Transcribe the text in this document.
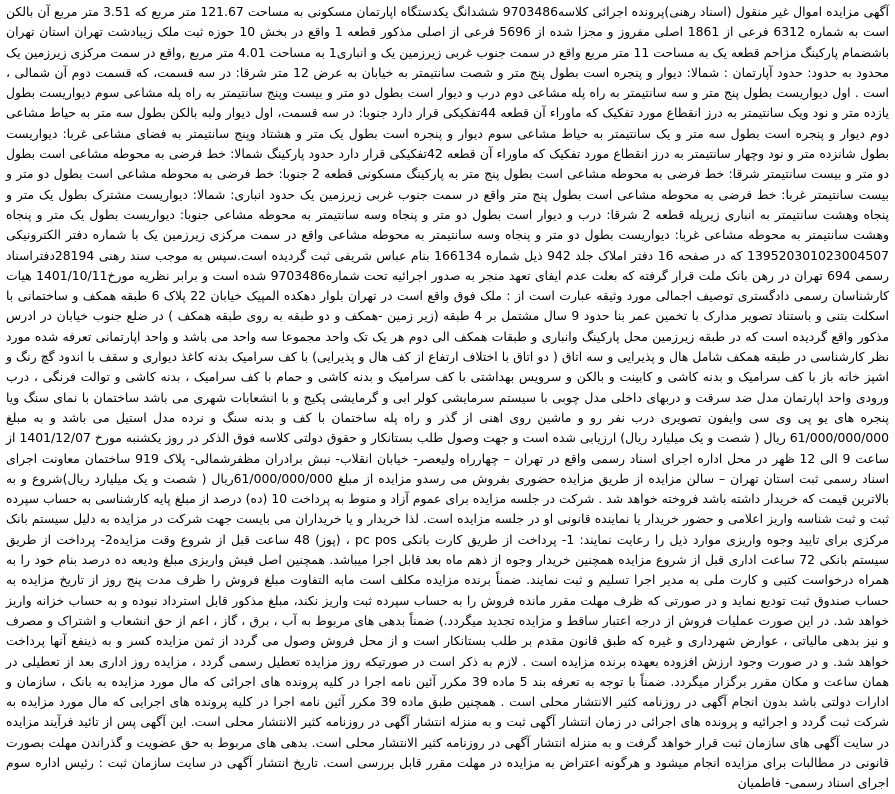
آگهی مزایده اموال غیر منقول (اسناد رهنی)پرونده اجرائی کلاسه9703486 ششدانگ یکدستگاه اپارتمان مسکونی به مساحت 121.67 متر مربع که 3.51 متر مربع آن بالکن است به شماره 6312 فرعی از 1861 اصلی مفروز و مجزا شده از 5696 فرعی از اصلی مذکور قطعه 1 واقع در بخش 10 حوزه ثبت ملک زیبادشت تهران استان تهران باشضمام پارکینگ مزاحم قطعه یک به مساحت 11 متر مربع واقع در سمت جنوب غربی زیرزمین یک و انباری1 به مساحت 4.01 متر مربع ,واقع در سمت مرکزی زیرزمین یک محدود به حدود: حدود آپارتمان : شمالا: دیوار و پنجره است بطول پنج متر و شصت سانتیمتر به خیابان به عرض 12 متر شرقا: در سه قسمت، که قسمت دوم آن شمالی ، است . اول دیواریست بطول پنج متر و سه سانتیمتر به راه پله مشاعی دوم درب و دیوار است بطول دو متر و بیست وپنج سانتیمتر به راه پله مشاعی سوم دیواریست بطول یازده متر و نود ویک سانتیمتر به درز انقطاع مورد تفکیک که ماوراء آن قطعه 44تفکیکی قرار دارد جنوبا: در سه قسمت، اول دیوار ولبه بالکن بطول سه متر به حیاط مشاعی دوم دیوار و پنجره است بطول سه متر و یک سانتیمتر به حیاط مشاعی سوم دیوار و پنجره است بطول یک متر و هشتاد وپنج سانتیمتر به فضای مشاعی غربا: دیواریست بطول شانزده متر و نود وچهار سانتیمتر به درز انقطاع مورد تفکیک که ماوراء آن قطعه 42تفکیکی قرار دارد حدود پارکینگ شمالا: خط فرضی به محوطه مشاعی است بطول دو متر و بیست سانتیمتر شرقا: خط فرضی به محوطه مشاعی است بطول پنج متر به پارکینگ مسکونی قطعه 2 جنوبا: خط فرضی به محوطه مشاعی است بطول دو متر و بیست سانتیمتر غربا: خط فرضی به محوطه مشاعی است بطول پنج متر واقع در سمت جنوب غربی زیرزمین یک حدود انباری: شمالا: دیواریست مشترک بطول یک متر و پنجاه وهشت سانتیمتر به انباری زیرپله قطعه 2 شرقا: درب و دیوار است بطول دو متر و پنجاه وسه سانتیمتر به محوطه مشاعی جنوبا: دیواریست بطول یک متر و پنجاه وهشت سانتیمتر به محوطه مشاعی غربا: دیواریست بطول دو متر و پنجاه وسه سانتیمتر به محوطه مشاعی واقع در سمت مرکزی زیرزمین یک با شماره دفتر الکترونیکی 139520301023004507 که در صفحه 16 دفتر املاک جلد 942 ذیل شماره 166134 بنام عباس شریفی ثبت گردیده است.سپس به موجب سند رهنی 28194دفتراسناد رسمی 694 تهران در رهن بانک ملت قرار گرفته که بعلت عدم ایفای تعهد منجر به صدور اجرائیه تحت شماره9703486 شده است و برابر نظریه مورخ1401/10/11 هیات کارشناسان رسمی دادگستری توصیف اجمالی مورد وثیقه عبارت است از : ملک فوق واقع است در تهران بلوار دهکده المپیک خیابان 22 پلاک 6 طبقه همکف و ساختمانی با اسکلت بتنی و باستناد تصویر مدارک با تخمین عمر بنا حدود 9 سال مشتمل بر 4 طبقه (زیر زمین -همکف و دو طبقه به روی طبقه همکف ) در ضلع جنوب خیابان در ادرس مذکور واقع گردیده است که در طبقه زیرزمین محل پارکینگ وانباری و طبقات همکف الی دوم هر یک تک واحد مجموعا سه واحد می باشد و واحد اپارتمانی تعرفه شده مورد نظر کارشناسی در طبقه همکف شامل هال و پذیرایی و سه اتاق ( دو اتاق با اختلاف ارتفاع از کف هال و پذیرایی) با کف سرامیک بدنه کاغذ دیواری و سقف با اندود گچ رنگ و اشپز خانه باز با کف سرامیک و بدنه کاشی و کابینت و بالکن و سرویس بهداشتی با کف سرامیک و بدنه کاشی و حمام با کف سرامیک ، بدنه کاشی و توالت فرنگی ، درب ورودی واحد اپارتمان مدل ضد سرقت و دربهای داخلی مدل چوبی با سیستم سرمایشی کولر ابی و گرمایشی پکیج و با انشعابات شهری می باشد ساختمان با نمای سنگ ویا پنجره های یو پی وی سی وایفون تصویری درب نفر رو و ماشین روی اهنی از گذر و راه پله ساختمان با کف و بدنه سنگ و نرده مدل استیل می باشد و به مبلغ 61/000/000/000 ریال ( شصت و یک میلیارد ریال) ارزیابی شده است و جهت وصول طلب بستانکار و حقوق دولتی کلاسه فوق الذکر در روز یکشنبه مورخ 1401/12/07 از ساعت 9 الی 12 ظهر در محل اداره اجرای اسناد رسمی واقع در تهران – چهارراه ولیعصر- خیابان انقلاب- نبش برادران مظفرشمالی- پلاک 919 ساختمان معاونت اجرای اسناد رسمی ثبت استان تهران – سالن مزایده از طریق مزایده حضوری بفروش می رسدو مزایده از مبلغ 61/000/000/000ریال ( شصت و یک میلیارد ریال)شروع و به بالاترین قیمت که خریدار داشته باشد فروخته خواهد شد . شرکت در جلسه مزایده برای عموم آزاد و منوط به پرداخت 10 (ده) درصد از مبلغ پایه کارشناسی به حساب سپرده ثبت و ثبت شناسه واریز اعلامی و حضور خریدار یا نماینده قانونی او در جلسه مزایده است. لذا خریدار و یا خریداران می بایست جهت شرکت در مزایده به دلیل سیستم بانک مرکزی برای تایید وجوه واریزی موارد ذیل را رعایت نمایند: 1- پرداخت از طریق کارت بانکی pc pos ، (پوز) 48 ساعت قبل از شروع وقت مزایده2- پرداخت از طریق سیستم بانکی 72 ساعت اداری قبل از شروع مزایده همچنین خریدار وجوه از ذهم ماه بعد قابل اجرا میباشد. همچنین اصل فیش واریزی مبلغ ودیعه ده درصد بنام خود را به همراه درخواست کتبی و کارت ملی به مدیر اجرا تسلیم و ثبت نمایند. ضمناً برنده مزایده مکلف است مابه التفاوت مبلغ فروش را ظرف مدت پنج روز از تاریخ مزایده به حساب صندوق ثبت تودیع نماید و در صورتی که ظرف مهلت مقرر مانده فروش را به حساب سپرده ثبت واریز نکند، مبلغ مذکور قابل استرداد نبوده و به حساب خزانه واریز خواهد شد. در این صورت عملیات فروش از درجه اعتبار ساقط و مزایده تجدید میگردد.) ضمناً بدهی های مربوط به آب ، برق ، گاز ، اعم از حق انشعاب و اشتراک و مصرف و نیز بدهی مالیاتی ، عوارض شهرداری و غیره که طبق قانون مقدم بر طلب بستانکار است و از محل فروش وصول می گردد از ثمن مزایده کسر و به ذینفع آنها پرداخت خواهد شد. و در صورت وجود ارزش افزوده بعهده برنده مزایده است . لازم به ذکر است در صورتیکه روز مزایده تعطیل رسمی گردد ، مزایده روز اداری بعد از تعطیلی در همان ساعت و مکان مقرر برگزار میگردد. ضمناً با توجه به تعرفه بند 5 ماده 39 مکرر آئین نامه اجرا در کلیه پرونده های اجرائی که مال مورد مزایده به بانک ، سازمان و ادارات دولتی باشد بدون انجام آگهی در روزنامه کثیر الانتشار محلی است . همچنین طبق ماده 39 مکرر آئین نامه اجرا در کلیه پرونده های اجرایی که مال مورد مزایده به شرکت ثبت گردد و اجرائیه و پرونده های اجرائی در زمان انتشار آگهی ثبت و به منزله انتشار آگهی در روزنامه کثیر الانتشار محلی است. این آگهی پس از تائید فرآیند مزایده در سایت آگهی های سازمان ثبت قرار خواهد گرفت و به منزله انتشار آگهی در روزنامه کثیر الانتشار محلی است. بدهی های مربوط به حق عضویت و گذراندن مهلت بصورت قانونی در مطالبات برای مزایده انجام میشود و هرگونه اعتراض به مزایده در مهلت مقرر قابل بررسی است. تاریخ انتشار آگهی در سایت سازمان ثبت : رئیس اداره سوم اجرای اسناد رسمی- فاطمیان
